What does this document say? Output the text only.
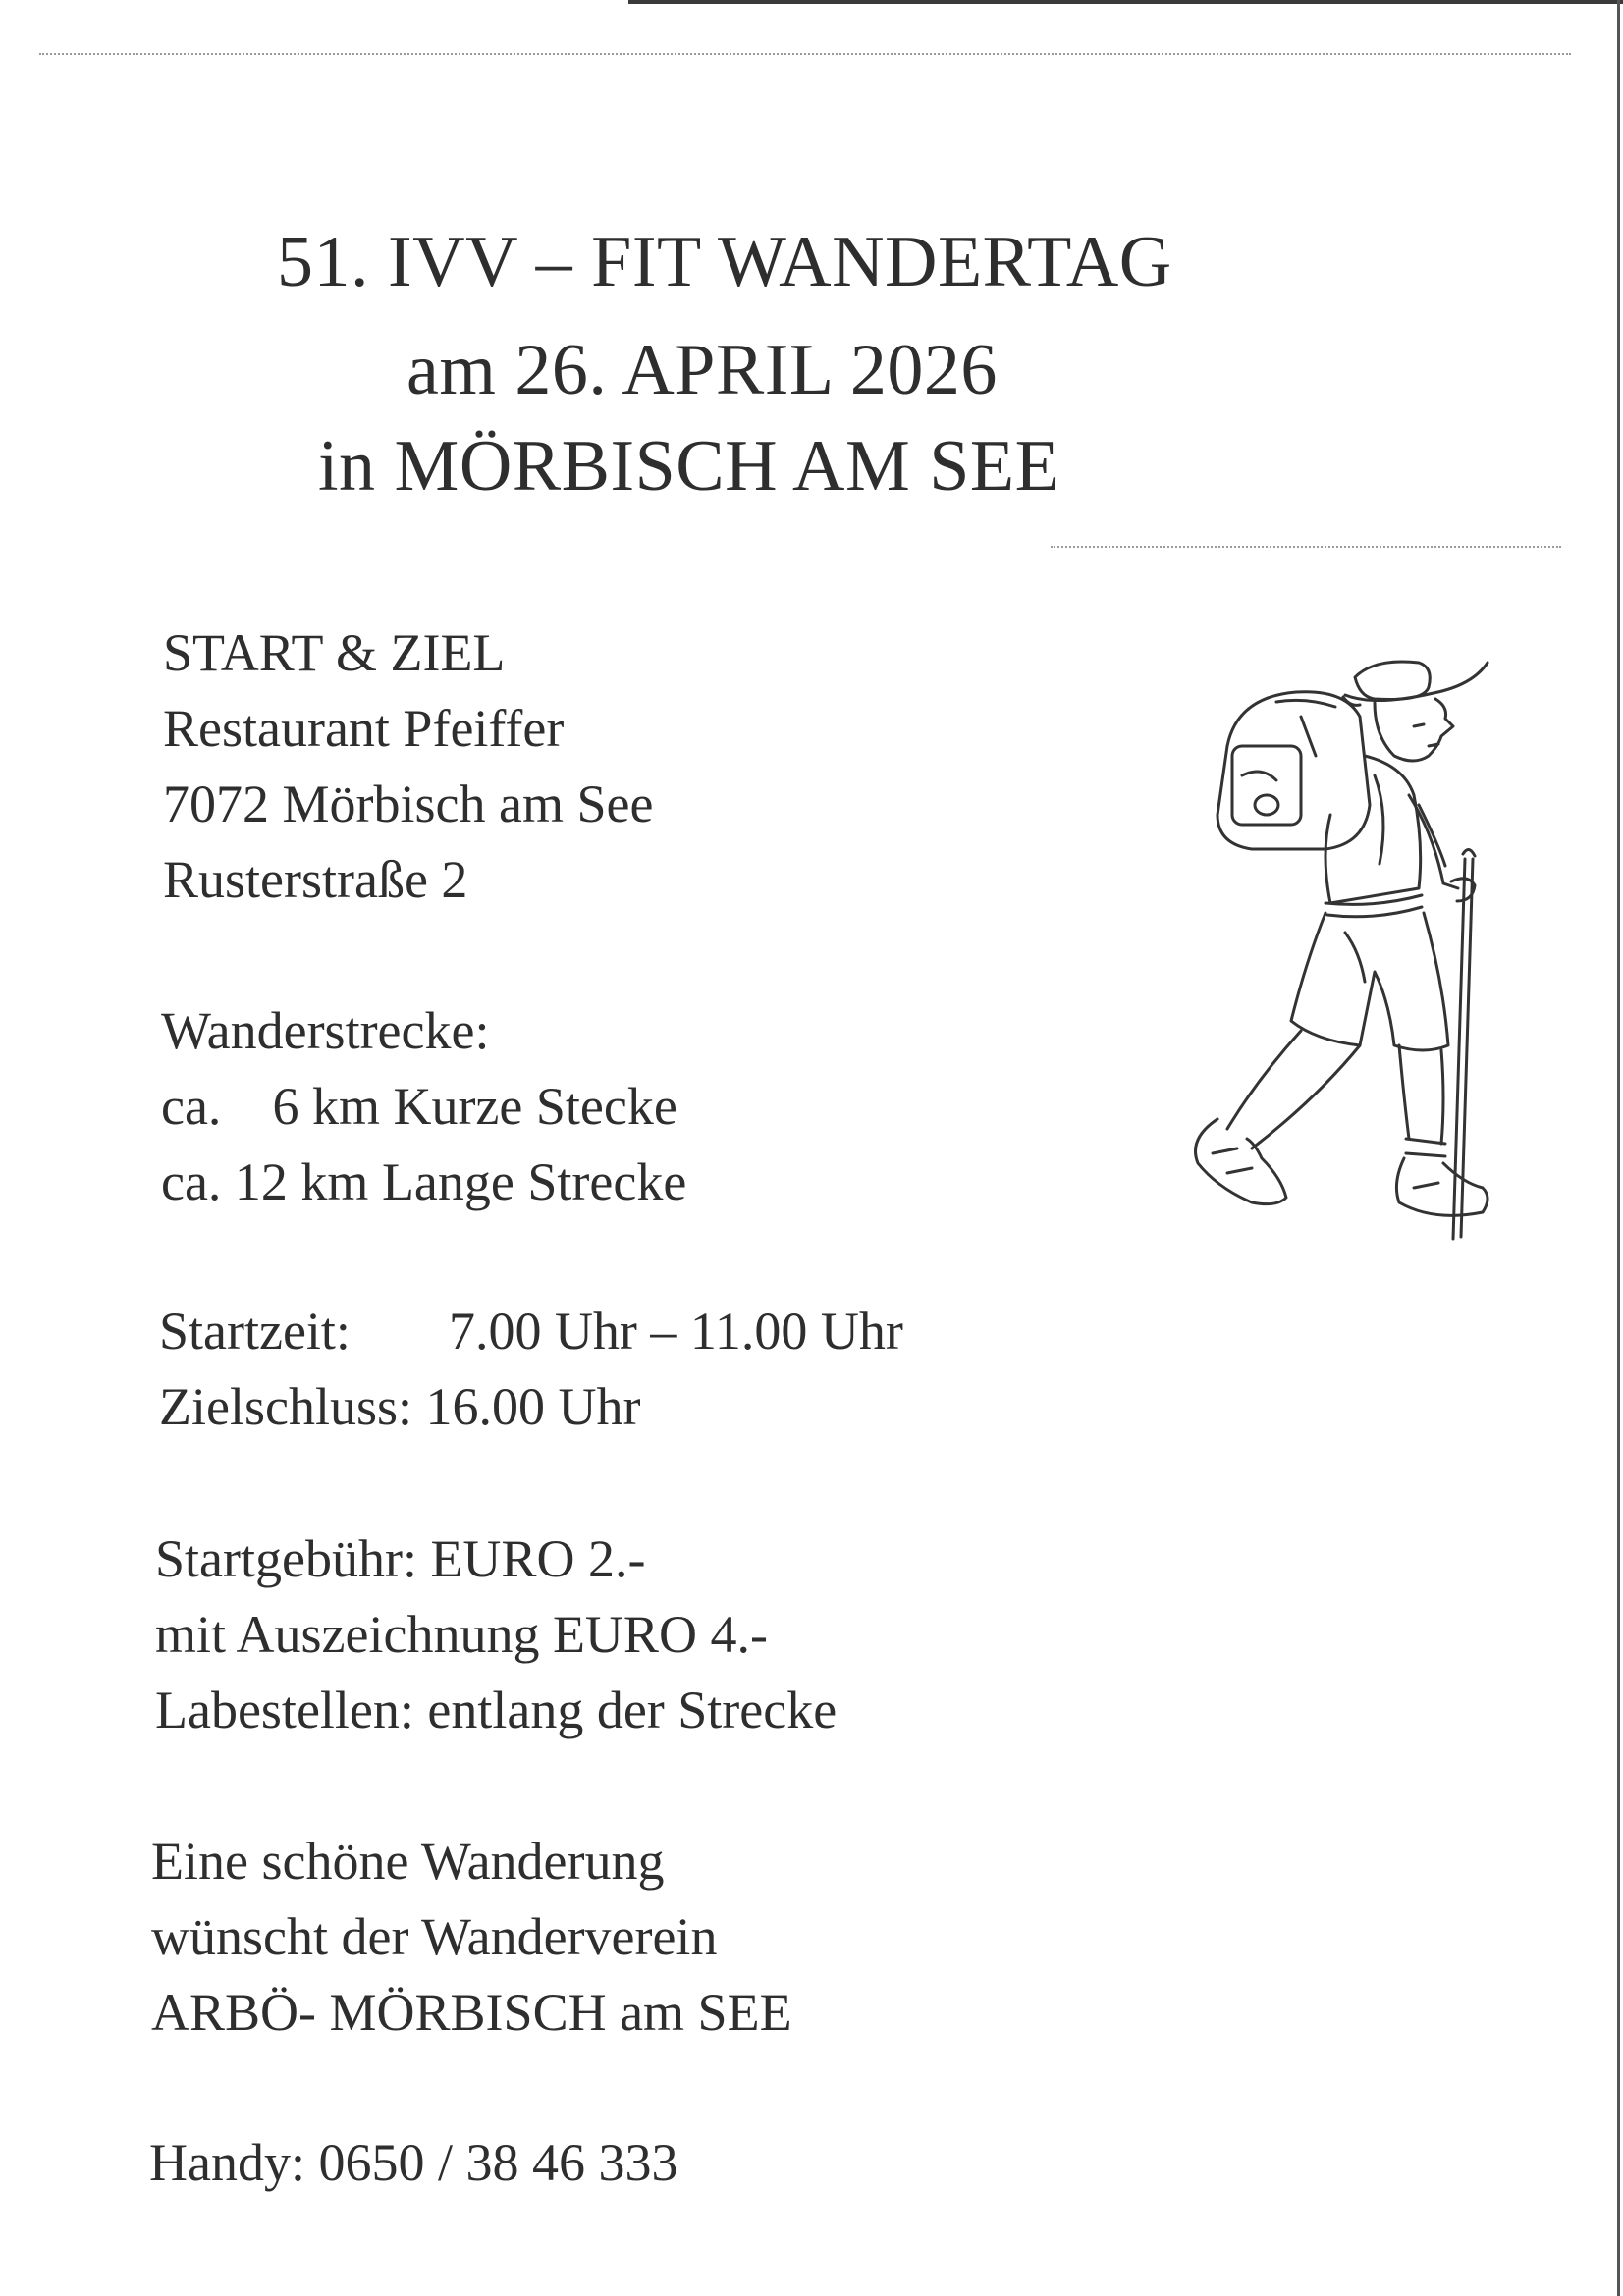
51. IVV – FIT WANDERTAG
am 26. APRIL 2026
in MÖRBISCH AM SEE
START & ZIEL
Restaurant Pfeiffer
7072 Mörbisch am See
Rusterstraße 2
Wanderstrecke:
ca. 6 km Kurze Stecke
ca. 12 km Lange Strecke
Startzeit: 7.00 Uhr – 11.00 Uhr
Zielschluss: 16.00 Uhr
Startgebühr: EURO 2.-
mit Auszeichnung EURO 4.-
Labestellen: entlang der Strecke
Eine schöne Wanderung
wünscht der Wanderverein
ARBÖ- MÖRBISCH am SEE
Handy: 0650 / 38 46 333
